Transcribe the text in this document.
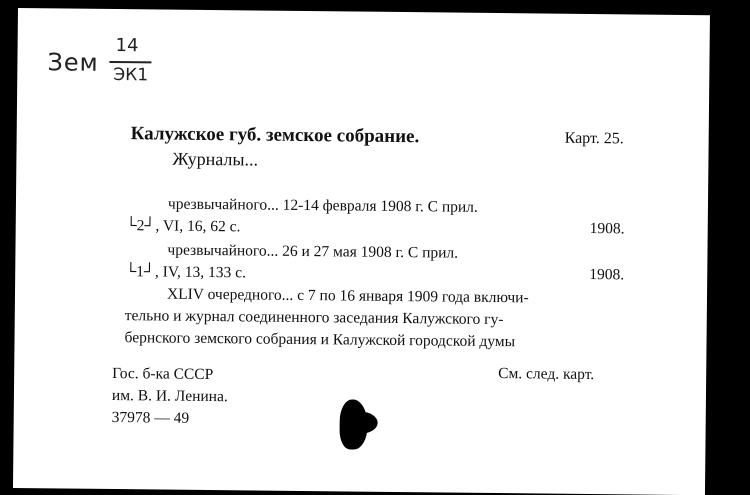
Зем
14
ЭК1
Калужское губ. земское собрание.
Журналы...
Карт. 25.
чрезвычайного... 12-14 февраля 1908 г. С прил.
└2┘, VI, 16, 62 с.	1908.
чрезвычайного... 26 и 27 мая 1908 г. С прил.
└1┘, IV, 13, 133 с.	1908.
XLIV очередного... с 7 по 16 января 1909 года включи-
тельно и журнал соединенного заседания Калужского гу-
бернского земского собрания и Калужской городской думы
См. след. карт.
Гос. б-ка СССР
им. В. И. Ленина.
37978 — 49
